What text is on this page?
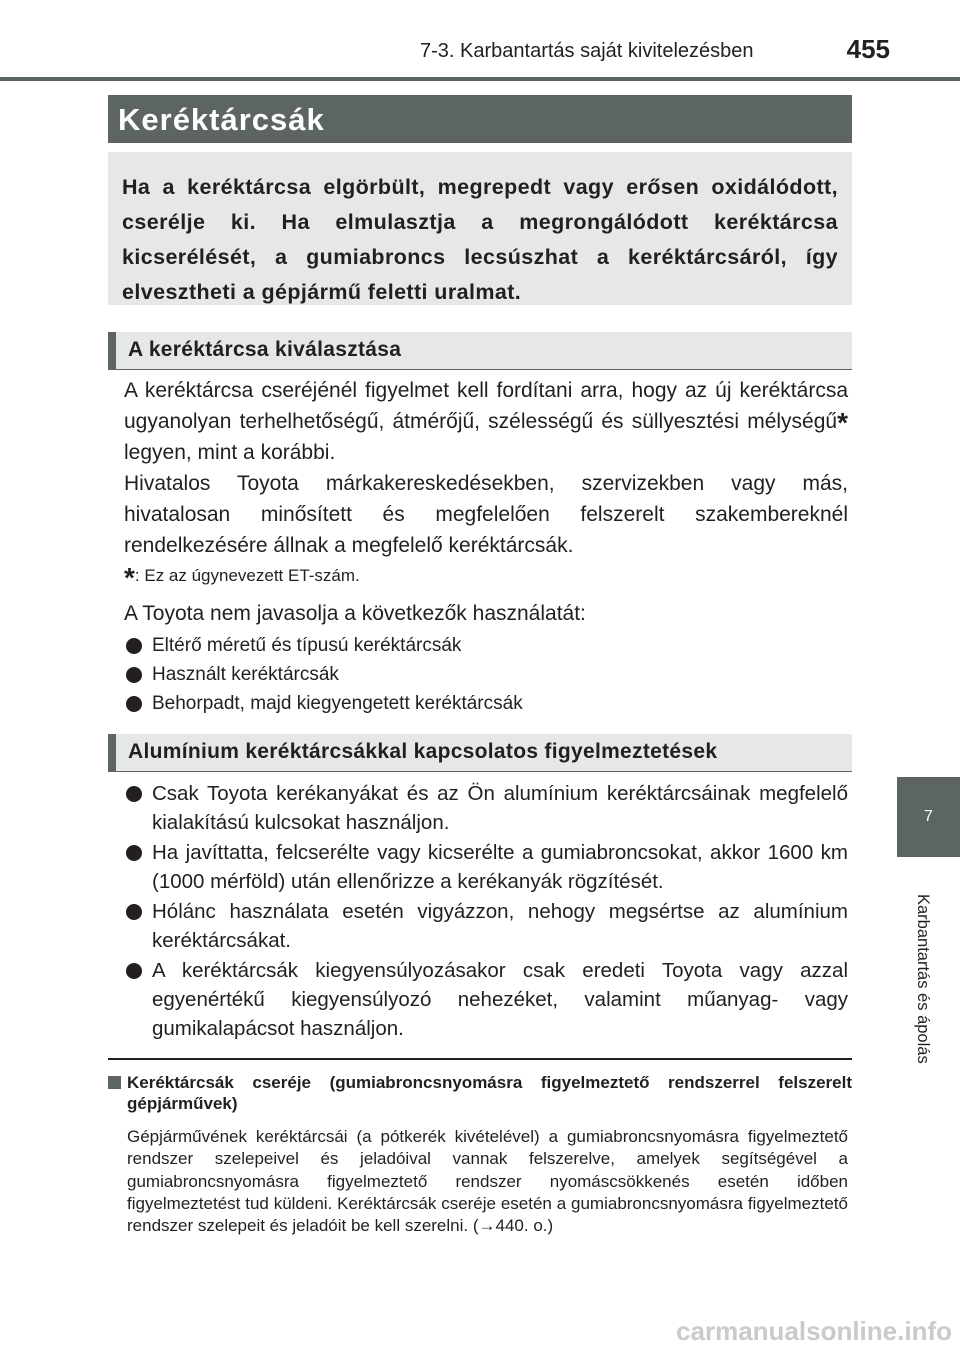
7-3. Karbantartás saját kivitelezésben	455
Keréktárcsák

Ha a keréktárcsa elgörbült, megrepedt vagy erősen oxidálódott, cserélje ki. Ha elmulasztja a megrongálódott keréktárcsa kicserélését, a gumiabroncs lecsúszhat a keréktárcsáról, így elvesztheti a gépjármű feletti uralmat.

A keréktárcsa kiválasztása

A keréktárcsa cseréjénél figyelmet kell fordítani arra, hogy az új keréktárcsa ugyanolyan terhelhetőségű, átmérőjű, szélességű és süllyesztési mélységű* legyen, mint a korábbi.

Hivatalos Toyota márkakereskedésekben, szervizekben vagy más, hivatalosan minősített és megfelelően felszerelt szakembereknél rendelkezésére állnak a megfelelő keréktárcsák.

*: Ez az úgynevezett ET-szám.
A Toyota nem javasolja a következők használatát:
Eltérő méretű és típusú keréktárcsák
Használt keréktárcsák
Behorpadt, majd kiegyengetett keréktárcsák
Alumínium keréktárcsákkal kapcsolatos figyelmeztetések
Csak Toyota kerékanyákat és az Ön alumínium keréktárcsáinak megfelelő kialakítású kulcsokat használjon.
Ha javíttatta, felcserélte vagy kicserélte a gumiabroncsokat, akkor 1600 km (1000 mérföld) után ellenőrizze a kerékanyák rögzítését.
Hólánc használata esetén vigyázzon, nehogy megsértse az alumínium keréktárcsákat.
A keréktárcsák kiegyensúlyozásakor csak eredeti Toyota vagy azzal egyenértékű kiegyensúlyozó nehezéket, valamint műanyag- vagy gumikalapácsot használjon.
Keréktárcsák cseréje (gumiabroncsnyomásra figyelmeztető rendszerrel felszerelt gépjárművek)

Gépjárművének keréktárcsái (a pótkerék kivételével) a gumiabroncsnyomásra figyelmeztető rendszer szelepeivel és jeladóival vannak felszerelve, amelyek segítségével a gumiabroncsnyomásra figyelmeztető rendszer nyomáscsökkenés esetén időben figyelmeztetést tud küldeni. Keréktárcsák cseréje esetén a gumiabroncsnyomásra figyelmeztető rendszer szelepeit és jeladóit be kell szerelni. (→440. o.)

7
Karbantartás és ápolás
carmanualsonline.info
